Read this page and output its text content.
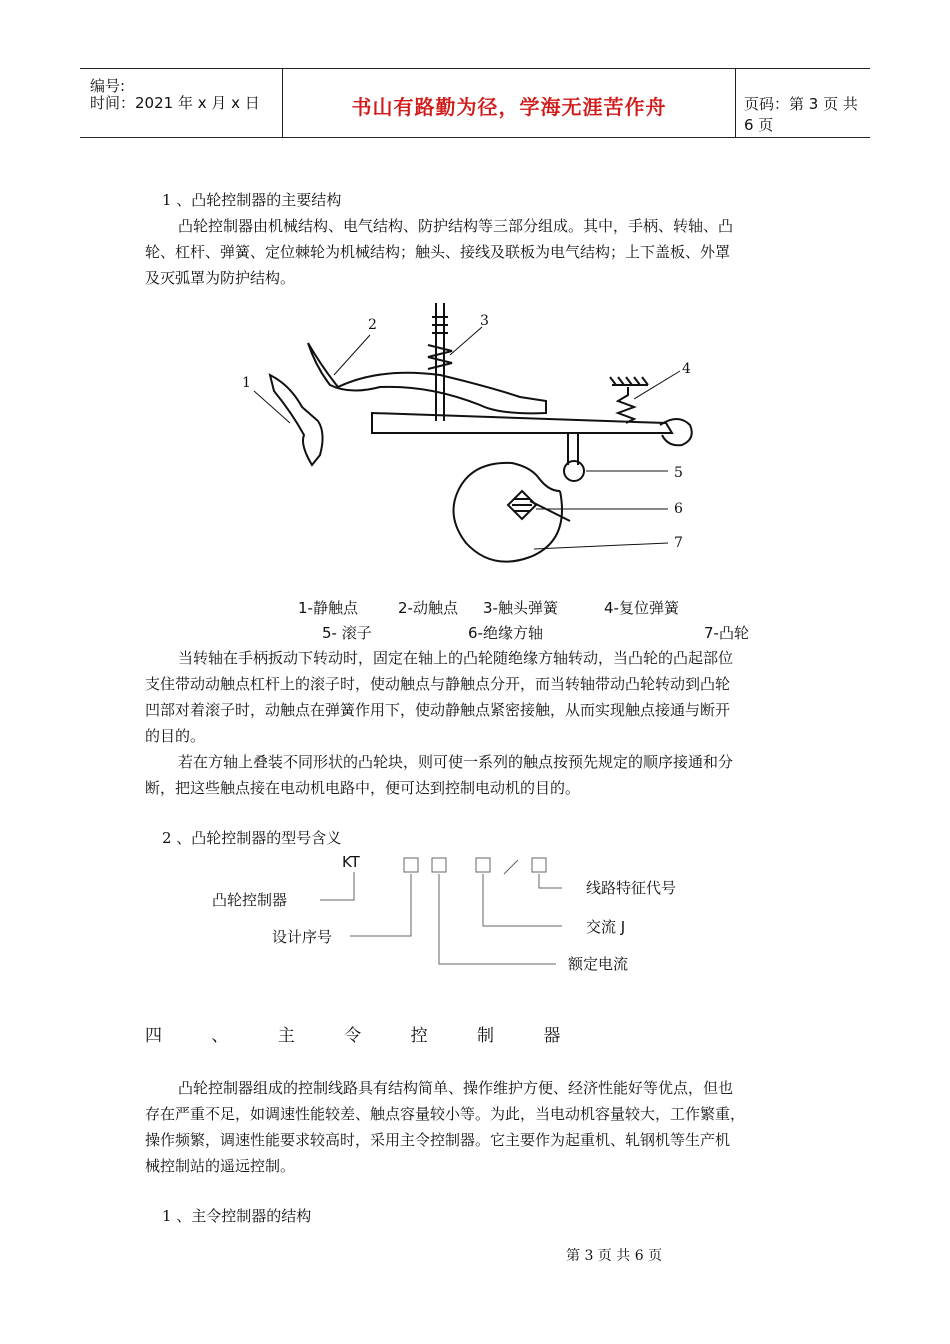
编号:
时间：2021 年 x 月 x 日	书山有路勤为径，学海无涯苦作舟	页码：第 3 页 共 6 页
1 、凸轮控制器的主要结构
凸轮控制器由机械结构、电气结构、防护结构等三部分组成。其中，手柄、转轴、凸
轮、杠杆、弹簧、定位棘轮为机械结构；触头、接线及联板为电气结构；上下盖板、外罩
及灭弧罩为防护结构。
1
2	3
4
5
6
7
1-静触点	2-动触点 3-触头弹簧	4-复位弹簧
5- 滚子	6-绝缘方轴	7-凸轮
当转轴在手柄扳动下转动时，固定在轴上的凸轮随绝缘方轴转动，当凸轮的凸起部位
支住带动动触点杠杆上的滚子时，使动触点与静触点分开，而当转轴带动凸轮转动到凸轮
凹部对着滚子时，动触点在弹簧作用下，使动静触点紧密接触，从而实现触点接通与断开
的目的。
若在方轴上叠装不同形状的凸轮块，则可使一系列的触点按预先规定的顺序接通和分
断，把这些触点接在电动机电路中，便可达到控制电动机的目的。
2 、凸轮控制器的型号含义
KT
凸轮控制器
设计序号
额定电流
交流 J
线路特征代号
四 、 主 令 控 制 器
凸轮控制器组成的控制线路具有结构简单、操作维护方便、经济性能好等优点，但也
存在严重不足，如调速性能较差、触点容量较小等。为此，当电动机容量较大，工作繁重，
操作频繁，调速性能要求较高时，采用主令控制器。它主要作为起重机、轧钢机等生产机
械控制站的遥远控制。
1 、主令控制器的结构
第 3 页 共 6 页
